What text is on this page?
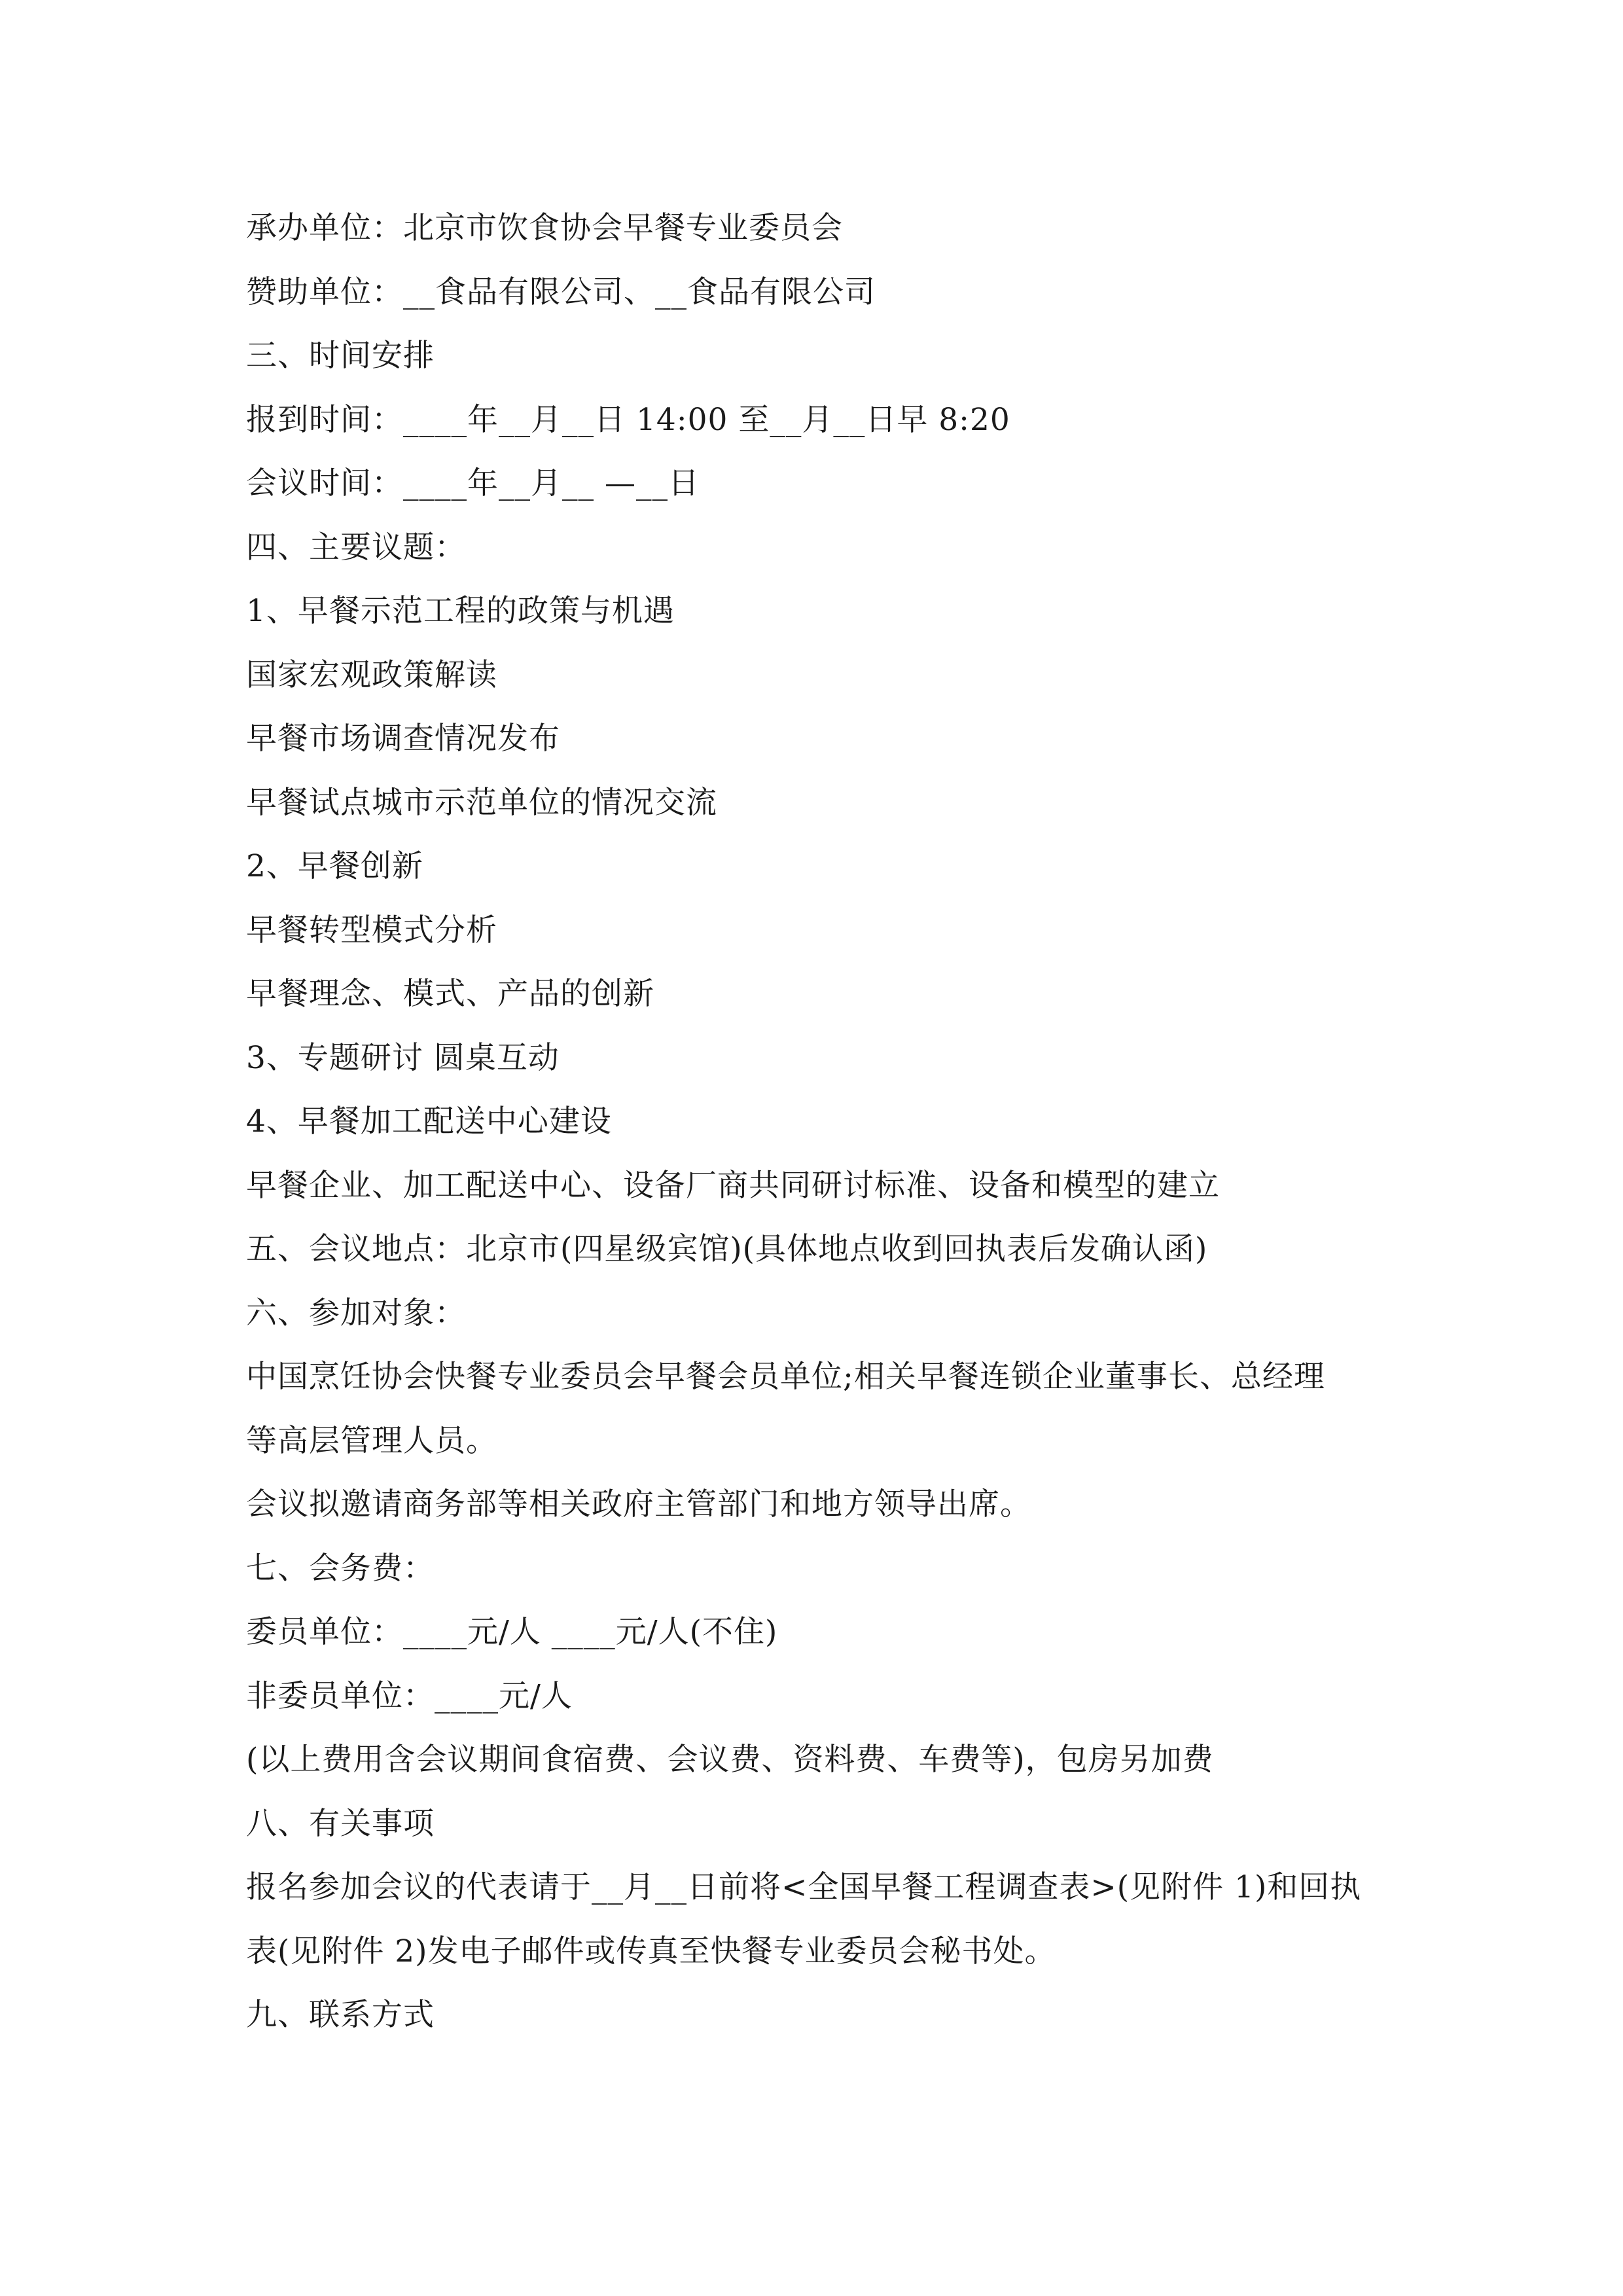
承办单位：北京市饮食协会早餐专业委员会
赞助单位：__食品有限公司、__食品有限公司
三、时间安排
报到时间：____年__月__日 14:00 至__月__日早 8:20
会议时间：____年__月__ —__日
四、主要议题：
1、早餐示范工程的政策与机遇
国家宏观政策解读
早餐市场调查情况发布
早餐试点城市示范单位的情况交流
2、早餐创新
早餐转型模式分析
早餐理念、模式、产品的创新
3、专题研讨 圆桌互动
4、早餐加工配送中心建设
早餐企业、加工配送中心、设备厂商共同研讨标准、设备和模型的建立
五、会议地点：北京市(四星级宾馆)(具体地点收到回执表后发确认函)
六、参加对象：
中国烹饪协会快餐专业委员会早餐会员单位;相关早餐连锁企业董事长、总经理
等高层管理人员。
会议拟邀请商务部等相关政府主管部门和地方领导出席。
七、会务费：
委员单位：____元/人 ____元/人(不住)
非委员单位：____元/人
(以上费用含会议期间食宿费、会议费、资料费、车费等)，包房另加费
八、有关事项
报名参加会议的代表请于__月__日前将<全国早餐工程调查表>(见附件 1)和回执
表(见附件 2)发电子邮件或传真至快餐专业委员会秘书处。
九、联系方式
